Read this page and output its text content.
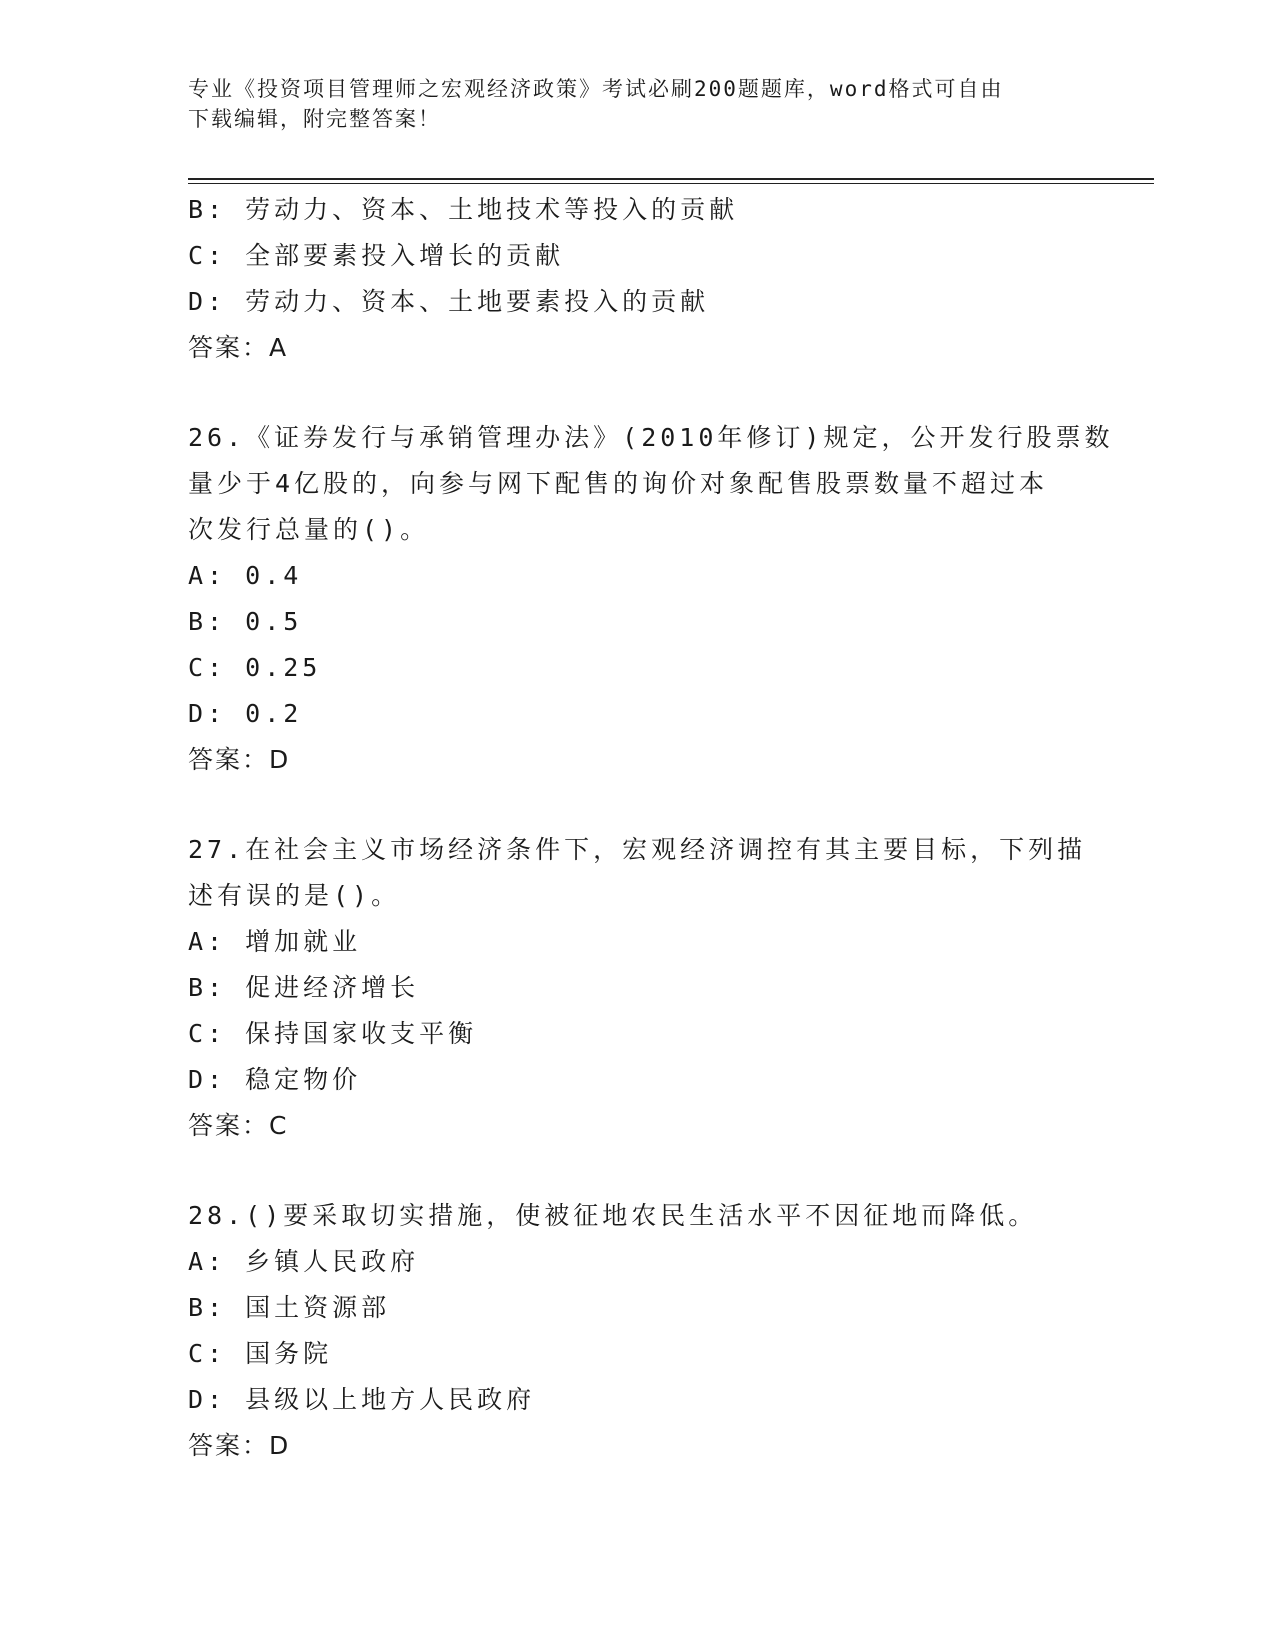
专业《投资项目管理师之宏观经济政策》考试必刷200题题库，word格式可自由
下载编辑，附完整答案！
B: 劳动力、资本、土地技术等投入的贡献
C: 全部要素投入增长的贡献
D: 劳动力、资本、土地要素投入的贡献
答案：A
26.《证券发行与承销管理办法》(2010年修订)规定，公开发行股票数
量少于4亿股的，向参与网下配售的询价对象配售股票数量不超过本
次发行总量的()。
A: 0.4
B: 0.5
C: 0.25
D: 0.2
答案：D
27.在社会主义市场经济条件下，宏观经济调控有其主要目标，下列描
述有误的是()。
A: 增加就业
B: 促进经济增长
C: 保持国家收支平衡
D: 稳定物价
答案：C
28.()要采取切实措施，使被征地农民生活水平不因征地而降低。
A: 乡镇人民政府
B: 国土资源部
C: 国务院
D: 县级以上地方人民政府
答案：D
